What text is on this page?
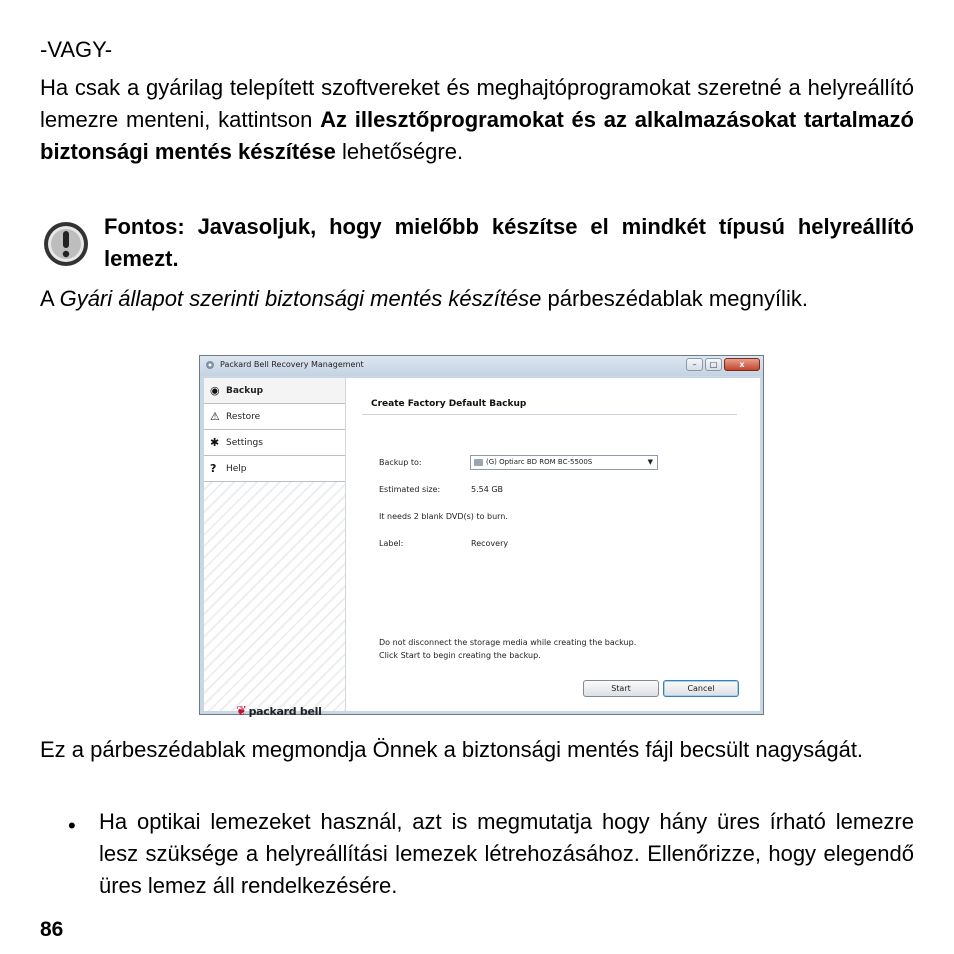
-VAGY-

Ha csak a gyárilag telepített szoftvereket és meghajtóprogramokat szeretné a helyreállító lemezre menteni, kattintson Az illesztőprogramokat és az alkalmazásokat tartalmazó biztonsági mentés készítése lehetőségre.

Fontos: Javasoljuk, hogy mielőbb készítse el mindkét típusú helyreállító lemezt.

A Gyári állapot szerinti biztonsági mentés készítése párbeszédablak megnyílik.

Packard Bell Recovery Management	–	□	x
◉ Backup
⚠ Restore
✱ Settings
? Help
❦ packard bell
Create Factory Default Backup
Backup to:	(G) Optiarc BD ROM BC-5500S	▼
Estimated size:	5.54 GB
It needs 2 blank DVD(s) to burn.
Label:	Recovery
Do not disconnect the storage media while creating the backup.
Click Start to begin creating the backup.
Start	Cancel

Ez a párbeszédablak megmondja Önnek a biztonsági mentés fájl becsült nagyságát.

• Ha optikai lemezeket használ, azt is megmutatja hogy hány üres írható lemezre lesz szüksége a helyreállítási lemezek létrehozásához. Ellenőrizze, hogy elegendő üres lemez áll rendelkezésére.

86
